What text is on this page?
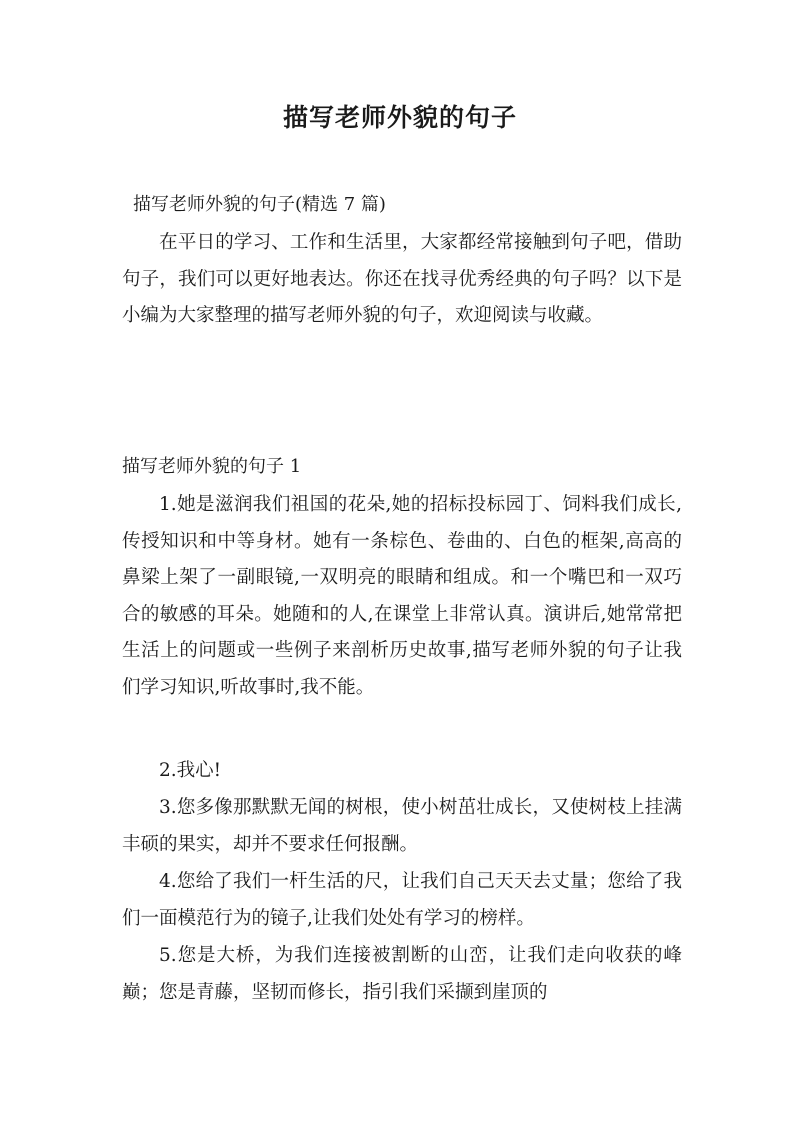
描写老师外貌的句子
描写老师外貌的句子(精选 7 篇)
在平日的学习、工作和生活里，大家都经常接触到句子吧，借助句子，我们可以更好地表达。你还在找寻优秀经典的句子吗？以下是小编为大家整理的描写老师外貌的句子，欢迎阅读与收藏。
描写老师外貌的句子 1
1.她是滋润我们祖国的花朵,她的招标投标园丁、饲料我们成长,传授知识和中等身材。她有一条棕色、卷曲的、白色的框架,高高的鼻梁上架了一副眼镜,一双明亮的眼睛和组成。和一个嘴巴和一双巧合的敏感的耳朵。她随和的人,在课堂上非常认真。演讲后,她常常把生活上的问题或一些例子来剖析历史故事,描写老师外貌的句子让我们学习知识,听故事时,我不能。
2.我心!
3.您多像那默默无闻的树根，使小树茁壮成长，又使树枝上挂满丰硕的果实，却并不要求任何报酬。
4.您给了我们一杆生活的尺，让我们自己天天去丈量；您给了我们一面模范行为的镜子,让我们处处有学习的榜样。
5.您是大桥，为我们连接被割断的山峦，让我们走向收获的峰巅；您是青藤，坚韧而修长，指引我们采撷到崖顶的
